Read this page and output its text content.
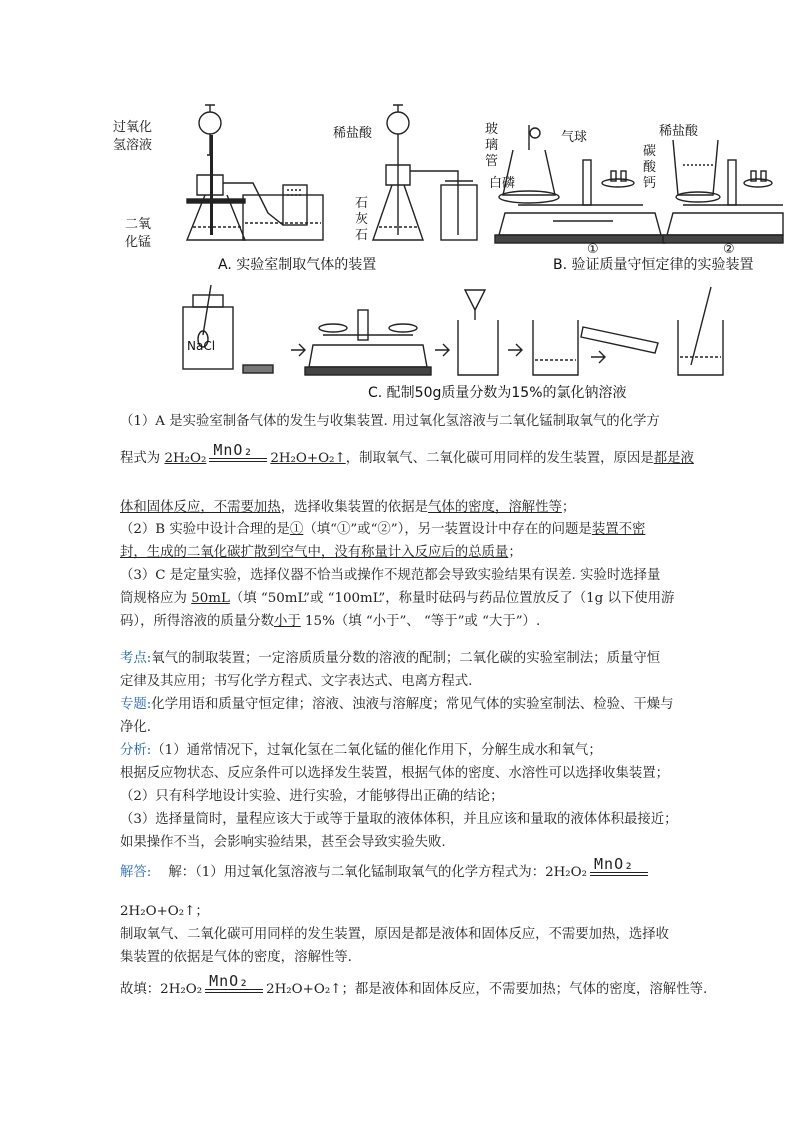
过氧化
氢溶液
二氧
化锰
稀盐酸
石
灰
石
玻
璃
管
气球
白磷
稀盐酸
碳
酸
钙
①	②
A. 实验室制取气体的装置	B. 验证质量守恒定律的实验装置
NaCl
C. 配制50g质量分数为15%的氯化钠溶液
（1）A 是实验室制备气体的发生与收集装置. 用过氧化氢溶液与二氧化锰制取氧气的化学方
程式为 2H₂O₂ MnO₂ 2H₂O+O₂↑，制取氧气、二氧化碳可用同样的发生装置，原因是都是液
体和固体反应，不需要加热，选择收集装置的依据是气体的密度，溶解性等；
（2）B 实验中设计合理的是①（填“①”或“②”），另一装置设计中存在的问题是装置不密
封，生成的二氧化碳扩散到空气中，没有称量计入反应后的总质量；
（3）C 是定量实验，选择仪器不恰当或操作不规范都会导致实验结果有误差. 实验时选择量
筒规格应为 50mL（填 “50mL”或 “100mL”，称量时砝码与药品位置放反了（1g 以下使用游
码），所得溶液的质量分数小于 15%（填 “小于”、 “等于”或 “大于”）.
考点:氧气的制取装置；一定溶质质量分数的溶液的配制；二氧化碳的实验室制法；质量守恒
定律及其应用；书写化学方程式、文字表达式、电离方程式.
专题:化学用语和质量守恒定律；溶液、浊液与溶解度；常见气体的实验室制法、检验、干燥与
净化.
分析:（1）通常情况下，过氧化氢在二氧化锰的催化作用下，分解生成水和氧气；
根据反应物状态、反应条件可以选择发生装置，根据气体的密度、水溶性可以选择收集装置；
（2）只有科学地设计实验、进行实验，才能够得出正确的结论；
（3）选择量筒时，量程应该大于或等于量取的液体体积，并且应该和量取的液体体积最接近；
如果操作不当，会影响实验结果，甚至会导致实验失败.
解答: 解：（1）用过氧化氢溶液与二氧化锰制取氧气的化学方程式为：2H₂O₂ MnO₂
2H₂O+O₂↑；
制取氧气、二氧化碳可用同样的发生装置，原因是都是液体和固体反应，不需要加热，选择收
集装置的依据是气体的密度，溶解性等.
故填：2H₂O₂ MnO₂ 2H₂O+O₂↑；都是液体和固体反应，不需要加热；气体的密度，溶解性等.
